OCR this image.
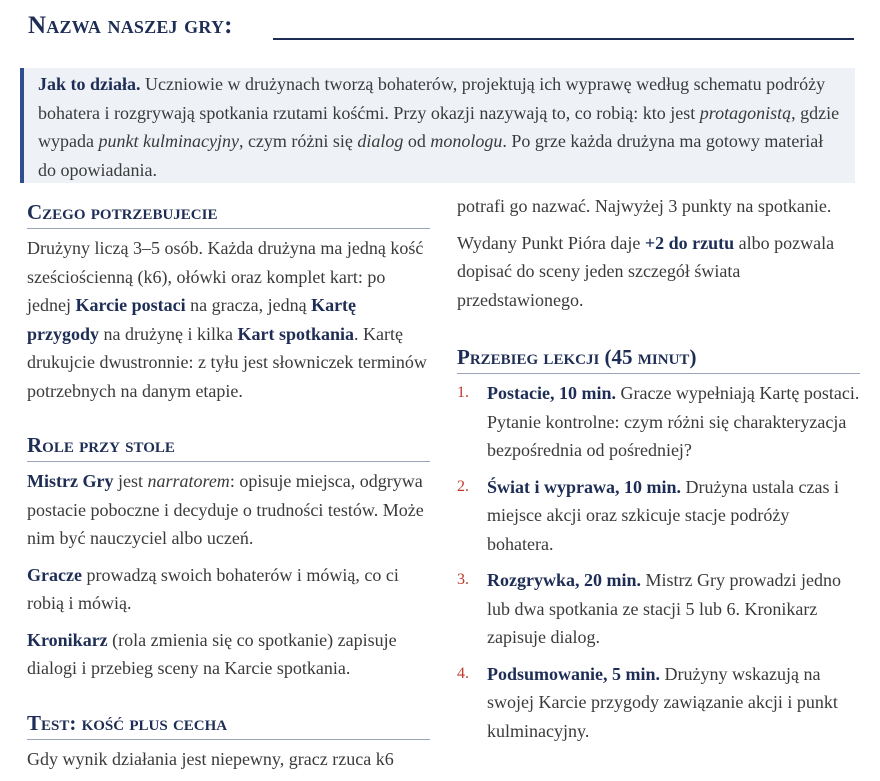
Nazwa naszej gry:

Jak to działa. Uczniowie w drużynach tworzą bohaterów, projektują ich wyprawę według schematu podróży bohatera i rozgrywają spotkania rzutami kośćmi. Przy okazji nazywają to, co robią: kto jest protagonistą, gdzie wypada punkt kulminacyjny, czym różni się dialog od monologu. Po grze każda drużyna ma gotowy materiał do opowiadania.

Czego potrzebujecie

Drużyny liczą 3–5 osób. Każda drużyna ma jedną kość sześciościenną (k6), ołówki oraz komplet kart: po jednej Karcie postaci na gracza, jedną Kartę przygody na drużynę i kilka Kart spotkania. Kartę drukujcie dwustronnie: z tyłu jest słowniczek terminów potrzebnych na danym etapie.

Role przy stole

Mistrz Gry jest narratorem: opisuje miejsca, odgrywa postacie poboczne i decyduje o trudności testów. Może nim być nauczyciel albo uczeń.

Gracze prowadzą swoich bohaterów i mówią, co ci robią i mówią.

Kronikarz (rola zmienia się co spotkanie) zapisuje dialogi i przebieg sceny na Karcie spotkania.

Test: kość plus cecha

Gdy wynik działania jest niepewny, gracz rzuca k6

potrafi go nazwać. Najwyżej 3 punkty na spotkanie.

Wydany Punkt Pióra daje +2 do rzutu albo pozwala dopisać do sceny jeden szczegół świata przedstawionego.

Przebieg lekcji (45 minut)
1. Postacie, 10 min. Gracze wypełniają Kartę postaci. Pytanie kontrolne: czym różni się charakteryzacja bezpośrednia od pośredniej?
2. Świat i wyprawa, 10 min. Drużyna ustala czas i miejsce akcji oraz szkicuje stacje podróży bohatera.
3. Rozgrywka, 20 min. Mistrz Gry prowadzi jedno lub dwa spotkania ze stacji 5 lub 6. Kronikarz zapisuje dialog.
4. Podsumowanie, 5 min. Drużyny wskazują na swojej Karcie przygody zawiązanie akcji i punkt kulminacyjny.
